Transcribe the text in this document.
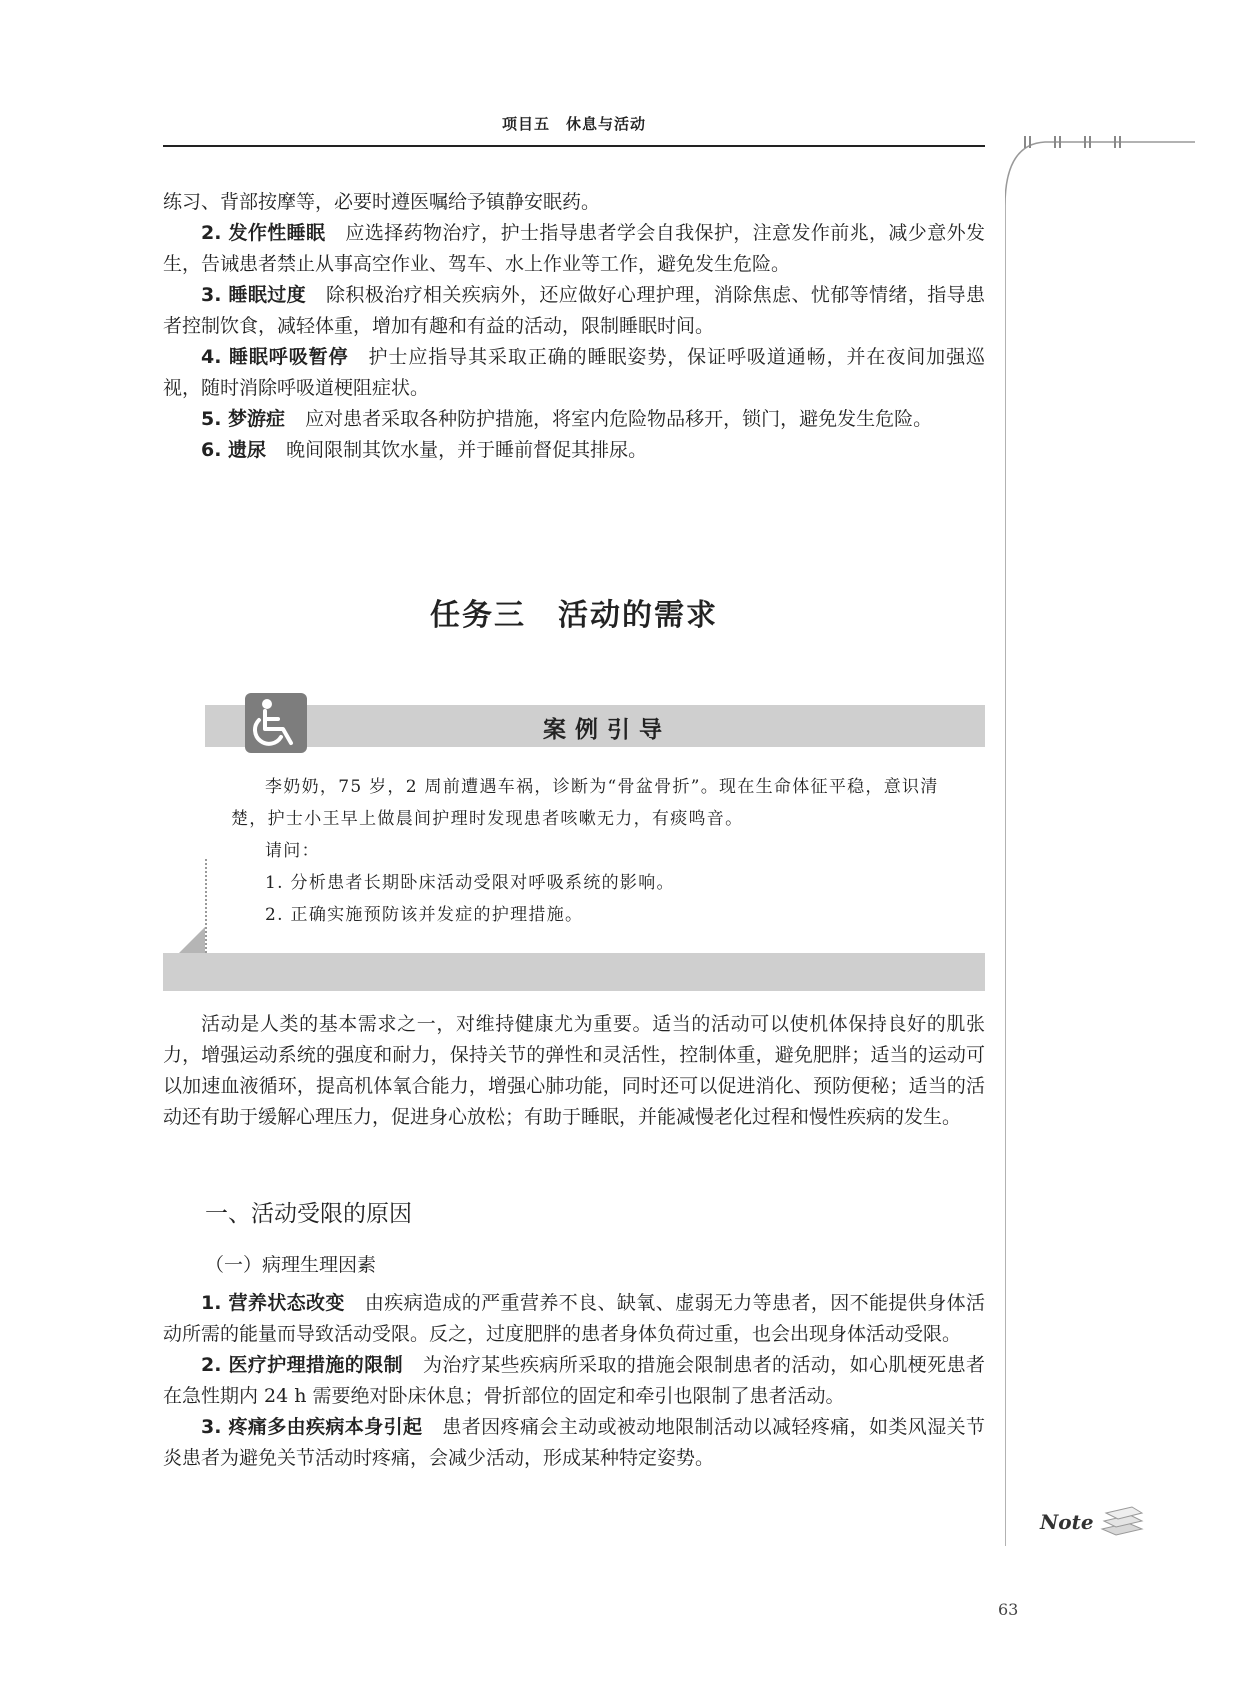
项目五　休息与活动

练习、背部按摩等，必要时遵医嘱给予镇静安眠药。

2. 发作性睡眠 应选择药物治疗，护士指导患者学会自我保护，注意发作前兆，减少意外发生，告诫患者禁止从事高空作业、驾车、水上作业等工作，避免发生危险。

3. 睡眠过度 除积极治疗相关疾病外，还应做好心理护理，消除焦虑、忧郁等情绪，指导患者控制饮食，减轻体重，增加有趣和有益的活动，限制睡眠时间。

4. 睡眠呼吸暂停 护士应指导其采取正确的睡眠姿势，保证呼吸道通畅，并在夜间加强巡视，随时消除呼吸道梗阻症状。

5. 梦游症 应对患者采取各种防护措施，将室内危险物品移开，锁门，避免发生危险。

6. 遗尿 晚间限制其饮水量，并于睡前督促其排尿。

任务三　活动的需求
案例引导

李奶奶，75 岁，2 周前遭遇车祸，诊断为“骨盆骨折”。现在生命体征平稳，意识清楚，护士小王早上做晨间护理时发现患者咳嗽无力，有痰鸣音。

请问：

1. 分析患者长期卧床活动受限对呼吸系统的影响。

2. 正确实施预防该并发症的护理措施。

活动是人类的基本需求之一，对维持健康尤为重要。适当的活动可以使机体保持良好的肌张力，增强运动系统的强度和耐力，保持关节的弹性和灵活性，控制体重，避免肥胖；适当的运动可以加速血液循环，提高机体氧合能力，增强心肺功能，同时还可以促进消化、预防便秘；适当的活动还有助于缓解心理压力，促进身心放松；有助于睡眠，并能减慢老化过程和慢性疾病的发生。

一、活动受限的原因
（一）病理生理因素

1. 营养状态改变 由疾病造成的严重营养不良、缺氧、虚弱无力等患者，因不能提供身体活动所需的能量而导致活动受限。反之，过度肥胖的患者身体负荷过重，也会出现身体活动受限。

2. 医疗护理措施的限制 为治疗某些疾病所采取的措施会限制患者的活动，如心肌梗死患者在急性期内 24 h 需要绝对卧床休息；骨折部位的固定和牵引也限制了患者活动。

3. 疼痛多由疾病本身引起 患者因疼痛会主动或被动地限制活动以减轻疼痛，如类风湿关节炎患者为避免关节活动时疼痛，会减少活动，形成某种特定姿势。

Note
63
